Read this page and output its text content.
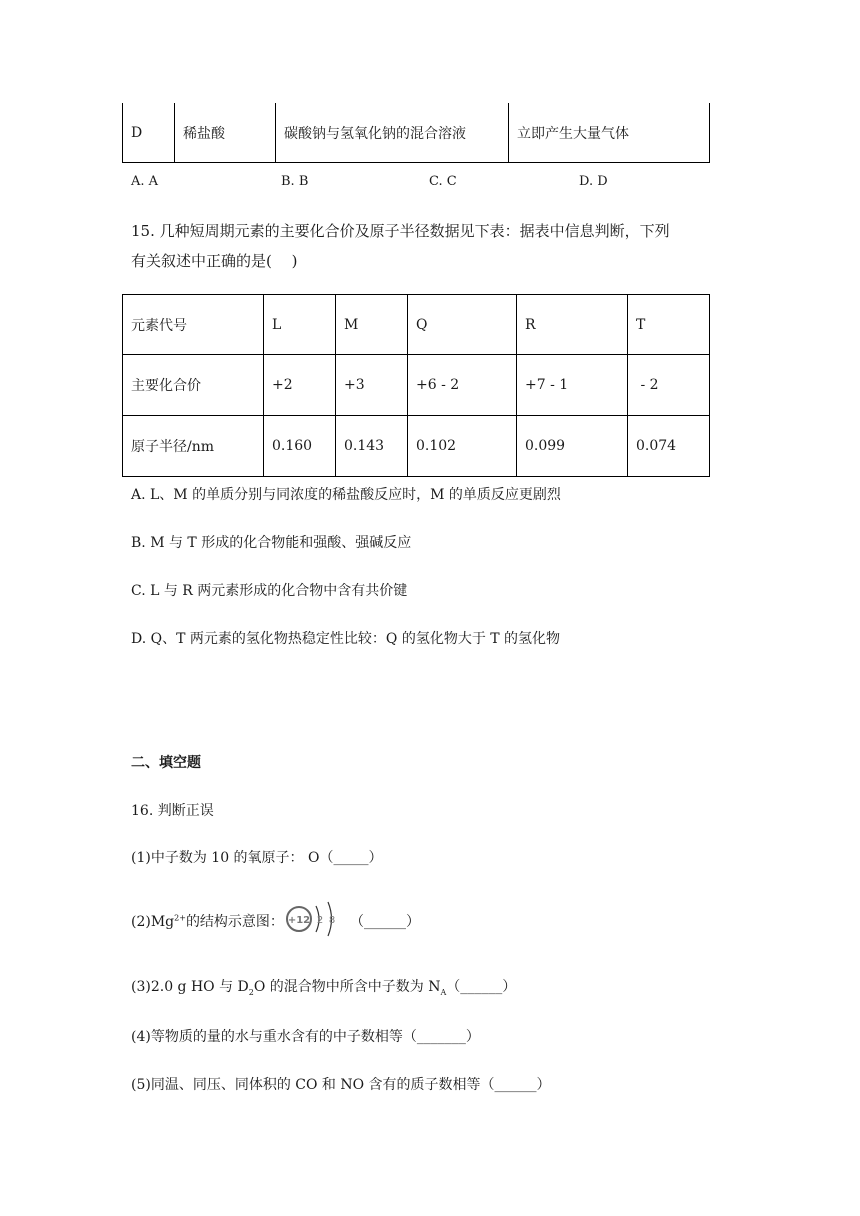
D	稀盐酸	碳酸钠与氢氧化钠的混合溶液	立即产生大量气体
A. A	B. B	C. C	D. D
15. 几种短周期元素的主要化合价及原子半径数据见下表：据表中信息判断，下列
有关叙述中正确的是(　 )
元素代号	L	M	Q	R	T
主要化合价	+2	+3	+6 - 2	+7 - 1	- 2
原子半径/nm	0.160	0.143	0.102	0.099	0.074
A. L、M 的单质分别与同浓度的稀盐酸反应时，M 的单质反应更剧烈
B. M 与 T 形成的化合物能和强酸、强碱反应
C. L 与 R 两元素形成的化合物中含有共价键
D. Q、T 两元素的氢化物热稳定性比较：Q 的氢化物大于 T 的氢化物
二、填空题
16. 判断正误
(1)中子数为 10 的氧原子： O（_____）
$(2)Mg^{2+}$的结构示意图： +12 2 8 （______）
(3)2.0 g HO 与 $D_2O$ 的混合物中所含中子数为 $N_A(\_\_\_\_\_\_)$
(4)等物质的量的水与重水含有的中子数相等（_______）
(5)同温、同压、同体积的 CO 和 NO 含有的质子数相等（______）
